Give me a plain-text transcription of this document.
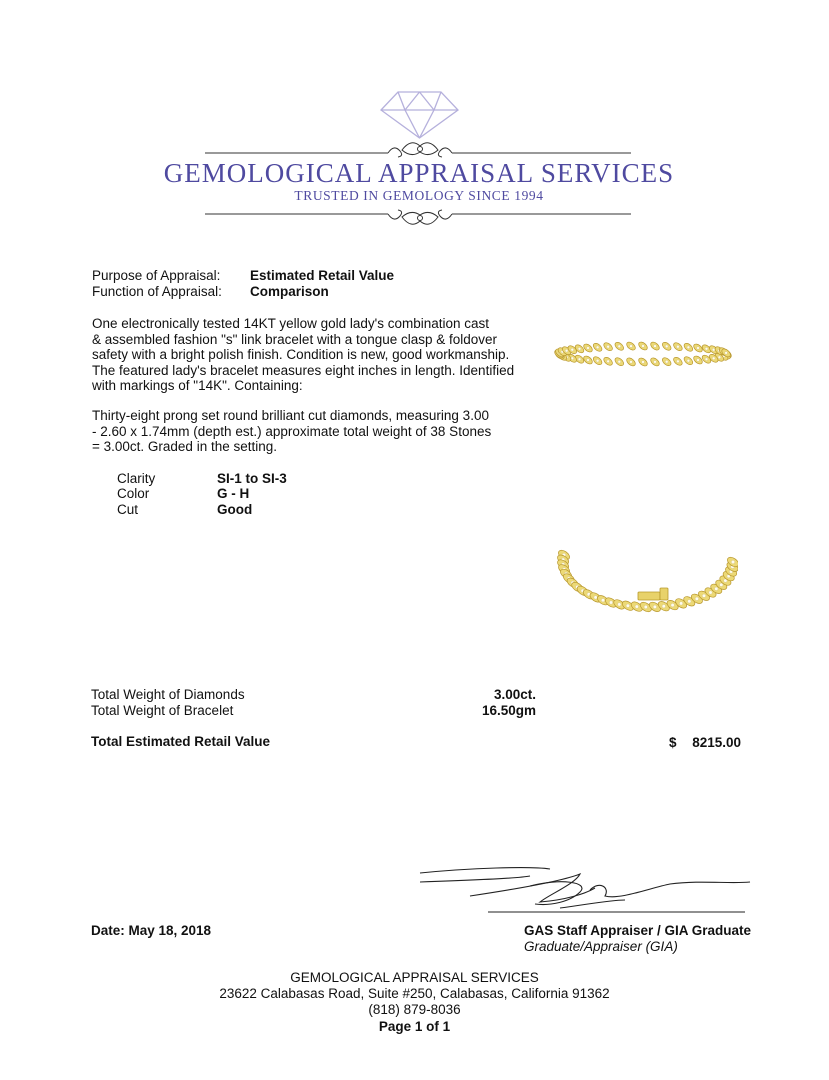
GEMOLOGICAL APPRAISAL SERVICES
TRUSTED IN GEMOLOGY SINCE 1994
Purpose of Appraisal: Estimated Retail Value
Function of Appraisal: Comparison
One electronically tested 14KT yellow gold lady's combination cast
& assembled fashion "s" link bracelet with a tongue clasp & foldover
safety with a bright polish finish. Condition is new, good workmanship.
The featured lady's bracelet measures eight inches in length. Identified
with markings of "14K". Containing:
Thirty-eight prong set round brilliant cut diamonds, measuring 3.00
- 2.60 x 1.74mm (depth est.) approximate total weight of 38 Stones
= 3.00ct. Graded in the setting.
Clarity	SI-1 to SI-3
Color	G - H
Cut	Good
Total Weight of Diamonds	3.00ct.
Total Weight of Bracelet	16.50gm
Total Estimated Retail Value	$	8215.00
Date: May 18, 2018	GAS Staff Appraiser / GIA Graduate
Graduate/Appraiser (GIA)
GEMOLOGICAL APPRAISAL SERVICES
23622 Calabasas Road, Suite #250, Calabasas, California 91362
(818) 879-8036
Page 1 of 1
